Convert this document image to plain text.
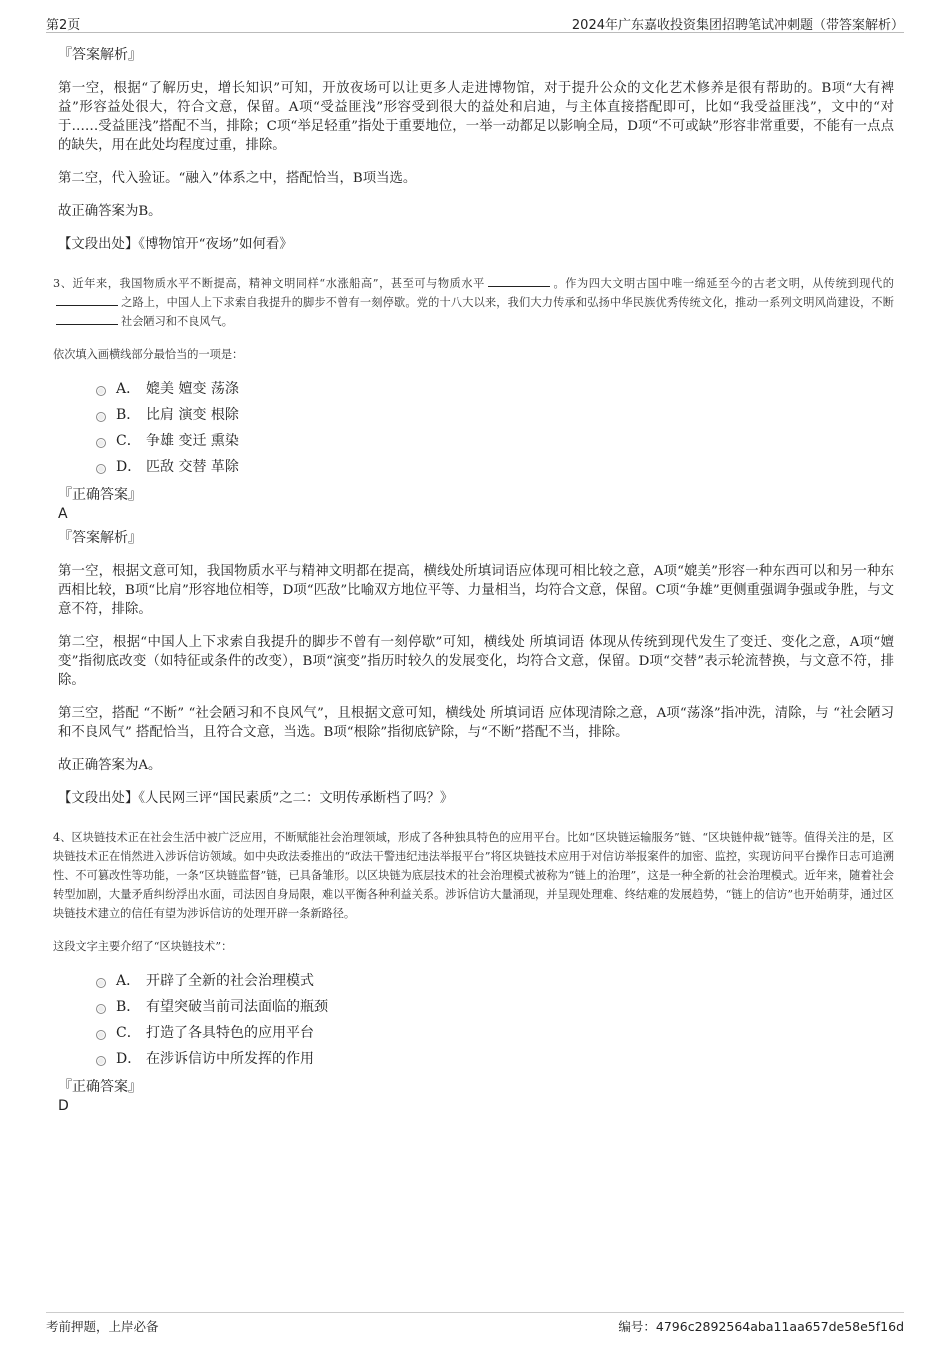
第2页	2024年广东嘉收投资集团招聘笔试冲刺题（带答案解析）
『答案解析』

第一空，根据“了解历史，增长知识”可知，开放夜场可以让更多人走进博物馆，对于提升公众的文化艺术修养是很有帮助的。B项“大有裨益”形容益处很大，符合文意，保留。A项“受益匪浅”形容受到很大的益处和启迪，与主体直接搭配即可，比如“我受益匪浅”，文中的“对于……受益匪浅”搭配不当，排除；C项“举足轻重”指处于重要地位，一举一动都足以影响全局，D项“不可或缺”形容非常重要，不能有一点点的缺失，用在此处均程度过重，排除。

第二空，代入验证。“融入”体系之中，搭配恰当，B项当选。

故正确答案为B。

【文段出处】《博物馆开“夜场”如何看》

3、近年来，我国物质水平不断提高，精神文明同样“水涨船高”，甚至可与物质水平	。作为四大文明古国中唯一绵延至今的古老文明，从传统到现代的之路上，中国人上下求索自我提升的脚步不曾有一刻停歇。党的十八大以来，我们大力传承和弘扬中华民族优秀传统文化，推动一系列文明风尚建设，不断社会陋习和不良风气。

依次填入画横线部分最恰当的一项是：

A． 媲美 嬗变 荡涤
B． 比肩 演变 根除
C． 争雄 变迁 熏染
D． 匹敌 交替 革除
『正确答案』
A
『答案解析』

第一空，根据文意可知，我国物质水平与精神文明都在提高，横线处所填词语应体现可相比较之意，A项“媲美”形容一种东西可以和另一种东西相比较，B项“比肩”形容地位相等，D项“匹敌”比喻双方地位平等、力量相当，均符合文意，保留。C项“争雄”更侧重强调争强或争胜，与文意不符，排除。

第二空，根据“中国人上下求索自我提升的脚步不曾有一刻停歇”可知，横线处 所填词语 体现从传统到现代发生了变迁、变化之意，A项“嬗变”指彻底改变（如特征或条件的改变），B项“演变”指历时较久的发展变化，均符合文意，保留。D项“交替”表示轮流替换，与文意不符，排除。

第三空，搭配 “不断” “社会陋习和不良风气”，且根据文意可知，横线处 所填词语 应体现清除之意，A项“荡涤”指冲洗，清除，与 “社会陋习和不良风气” 搭配恰当，且符合文意，当选。B项“根除”指彻底铲除，与“不断”搭配不当，排除。

故正确答案为A。

【文段出处】《人民网三评“国民素质”之二：文明传承断档了吗？》

4、区块链技术正在社会生活中被广泛应用，不断赋能社会治理领域，形成了各种独具特色的应用平台。比如“区块链运输服务”链、“区块链仲裁”链等。值得关注的是，区块链技术正在悄然进入涉诉信访领域。如中央政法委推出的“政法干警违纪违法举报平台”将区块链技术应用于对信访举报案件的加密、监控，实现访问平台操作日志可追溯性、不可篡改性等功能，一条“区块链监督”链，已具备雏形。以区块链为底层技术的社会治理模式被称为“链上的治理”，这是一种全新的社会治理模式。近年来，随着社会转型加剧，大量矛盾纠纷浮出水面，司法因自身局限，难以平衡各种利益关系。涉诉信访大量涌现，并呈现处理难、终结难的发展趋势，“链上的信访”也开始萌芽，通过区块链技术建立的信任有望为涉诉信访的处理开辟一条新路径。

这段文字主要介绍了“区块链技术”：

A． 开辟了全新的社会治理模式
B． 有望突破当前司法面临的瓶颈
C． 打造了各具特色的应用平台
D． 在涉诉信访中所发挥的作用
『正确答案』
D
考前押题，上岸必备	编号：4796c2892564aba11aa657de58e5f16d
